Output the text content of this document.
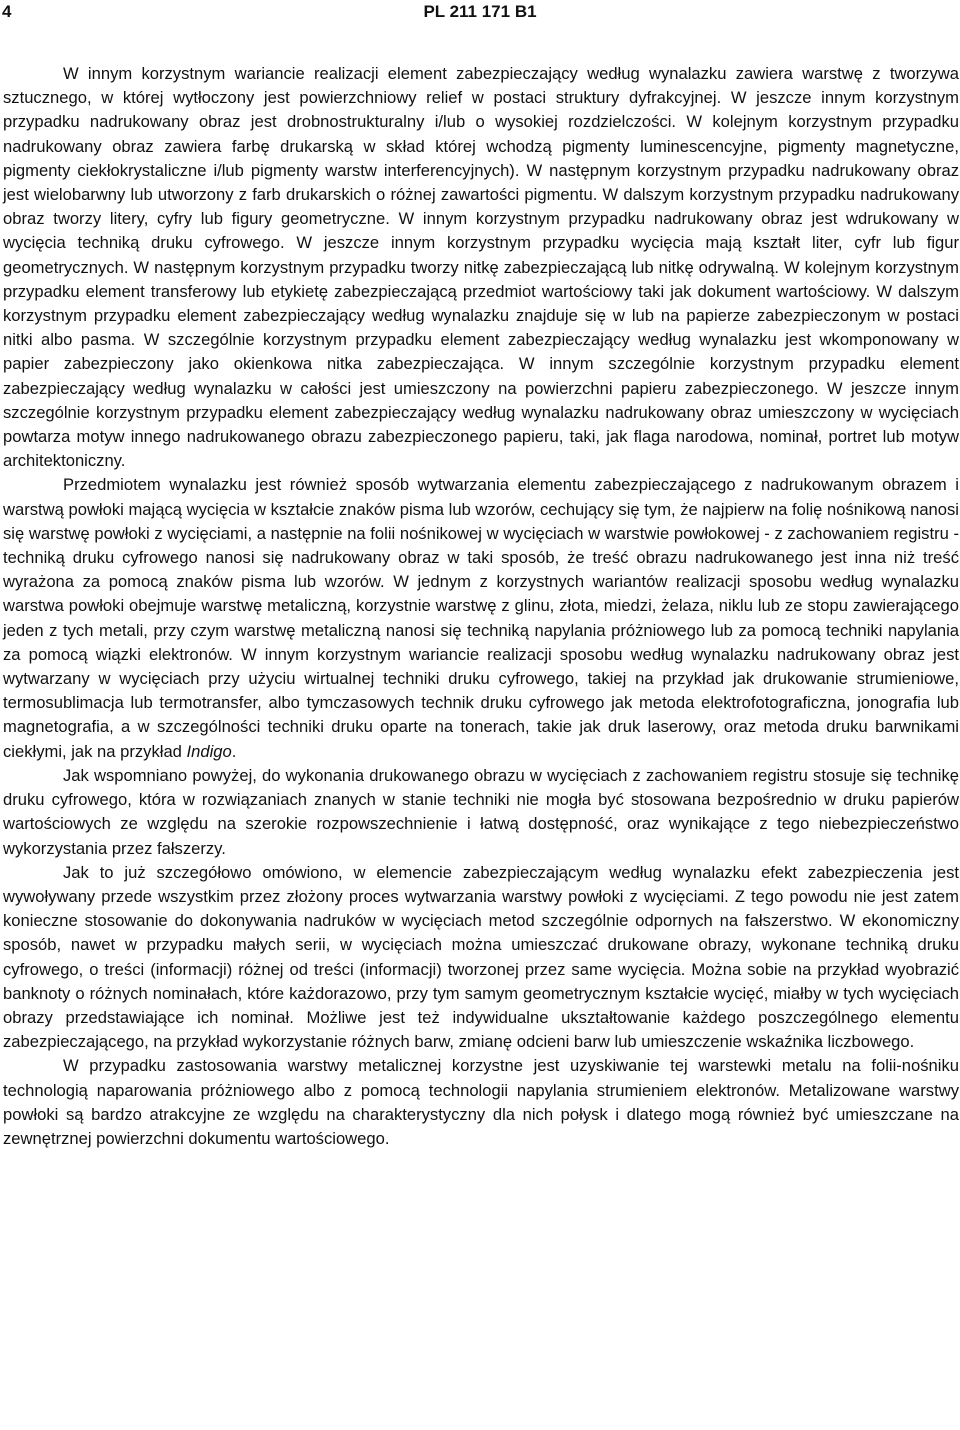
4	PL 211 171 B1

W innym korzystnym wariancie realizacji element zabezpieczający według wynalazku zawiera warstwę z tworzywa sztucznego, w której wytłoczony jest powierzchniowy relief w postaci struktury dyfrakcyjnej. W jeszcze innym korzystnym przypadku nadrukowany obraz jest drobnostrukturalny i/lub o wysokiej rozdzielczości. W kolejnym korzystnym przypadku nadrukowany obraz zawiera farbę drukarską w skład której wchodzą pigmenty luminescencyjne, pigmenty magnetyczne, pigmenty ciekłokrystaliczne i/lub pigmenty warstw interferencyjnych). W następnym korzystnym przypadku nadrukowany obraz jest wielobarwny lub utworzony z farb drukarskich o różnej zawartości pigmentu. W dalszym korzystnym przypadku nadrukowany obraz tworzy litery, cyfry lub figury geometryczne. W innym korzystnym przypadku nadrukowany obraz jest wdrukowany w wycięcia techniką druku cyfrowego. W jeszcze innym korzystnym przypadku wycięcia mają kształt liter, cyfr lub figur geometrycznych. W następnym korzystnym przypadku tworzy nitkę zabezpieczającą lub nitkę odrywalną. W kolejnym korzystnym przypadku element transferowy lub etykietę zabezpieczającą przedmiot wartościowy taki jak dokument wartościowy. W dalszym korzystnym przypadku element zabezpieczający według wynalazku znajduje się w lub na papierze zabezpieczonym w postaci nitki albo pasma. W szczególnie korzystnym przypadku element zabezpieczający według wynalazku jest wkomponowany w papier zabezpieczony jako okienkowa nitka zabezpieczająca. W innym szczególnie korzystnym przypadku element zabezpieczający według wynalazku w całości jest umieszczony na powierzchni papieru zabezpieczonego. W jeszcze innym szczególnie korzystnym przypadku element zabezpieczający według wynalazku nadrukowany obraz umieszczony w wycięciach powtarza motyw innego nadrukowanego obrazu zabezpieczonego papieru, taki, jak flaga narodowa, nominał, portret lub motyw architektoniczny.

Przedmiotem wynalazku jest również sposób wytwarzania elementu zabezpieczającego z nadrukowanym obrazem i warstwą powłoki mającą wycięcia w kształcie znaków pisma lub wzorów, cechujący się tym, że najpierw na folię nośnikową nanosi się warstwę powłoki z wycięciami, a następnie na folii nośnikowej w wycięciach w warstwie powłokowej - z zachowaniem registru - techniką druku cyfrowego nanosi się nadrukowany obraz w taki sposób, że treść obrazu nadrukowanego jest inna niż treść wyrażona za pomocą znaków pisma lub wzorów. W jednym z korzystnych wariantów realizacji sposobu według wynalazku warstwa powłoki obejmuje warstwę metaliczną, korzystnie warstwę z glinu, złota, miedzi, żelaza, niklu lub ze stopu zawierającego jeden z tych metali, przy czym warstwę metaliczną nanosi się techniką napylania próżniowego lub za pomocą techniki napylania za pomocą wiązki elektronów. W innym korzystnym wariancie realizacji sposobu według wynalazku nadrukowany obraz jest wytwarzany w wycięciach przy użyciu wirtualnej techniki druku cyfrowego, takiej na przykład jak drukowanie strumieniowe, termosublimacja lub termotransfer, albo tymczasowych technik druku cyfrowego jak metoda elektrofotograficzna, jonografia lub magnetografia, a w szczególności techniki druku oparte na tonerach, takie jak druk laserowy, oraz metoda druku barwnikami ciekłymi, jak na przykład Indigo.

Jak wspomniano powyżej, do wykonania drukowanego obrazu w wycięciach z zachowaniem registru stosuje się technikę druku cyfrowego, która w rozwiązaniach znanych w stanie techniki nie mogła być stosowana bezpośrednio w druku papierów wartościowych ze względu na szerokie rozpowszechnienie i łatwą dostępność, oraz wynikające z tego niebezpieczeństwo wykorzystania przez fałszerzy.

Jak to już szczegółowo omówiono, w elemencie zabezpieczającym według wynalazku efekt zabezpieczenia jest wywoływany przede wszystkim przez złożony proces wytwarzania warstwy powłoki z wycięciami. Z tego powodu nie jest zatem konieczne stosowanie do dokonywania nadruków w wycięciach metod szczególnie odpornych na fałszerstwo. W ekonomiczny sposób, nawet w przypadku małych serii, w wycięciach można umieszczać drukowane obrazy, wykonane techniką druku cyfrowego, o treści (informacji) różnej od treści (informacji) tworzonej przez same wycięcia. Można sobie na przykład wyobrazić banknoty o różnych nominałach, które każdorazowo, przy tym samym geometrycznym kształcie wycięć, miałby w tych wycięciach obrazy przedstawiające ich nominał. Możliwe jest też indywidualne ukształtowanie każdego poszczególnego elementu zabezpieczającego, na przykład wykorzystanie różnych barw, zmianę odcieni barw lub umieszczenie wskaźnika liczbowego.

W przypadku zastosowania warstwy metalicznej korzystne jest uzyskiwanie tej warstewki metalu na folii-nośniku technologią naparowania próżniowego albo z pomocą technologii napylania strumieniem elektronów. Metalizowane warstwy powłoki są bardzo atrakcyjne ze względu na charakterystyczny dla nich połysk i dlatego mogą również być umieszczane na zewnętrznej powierzchni dokumentu wartościowego.
